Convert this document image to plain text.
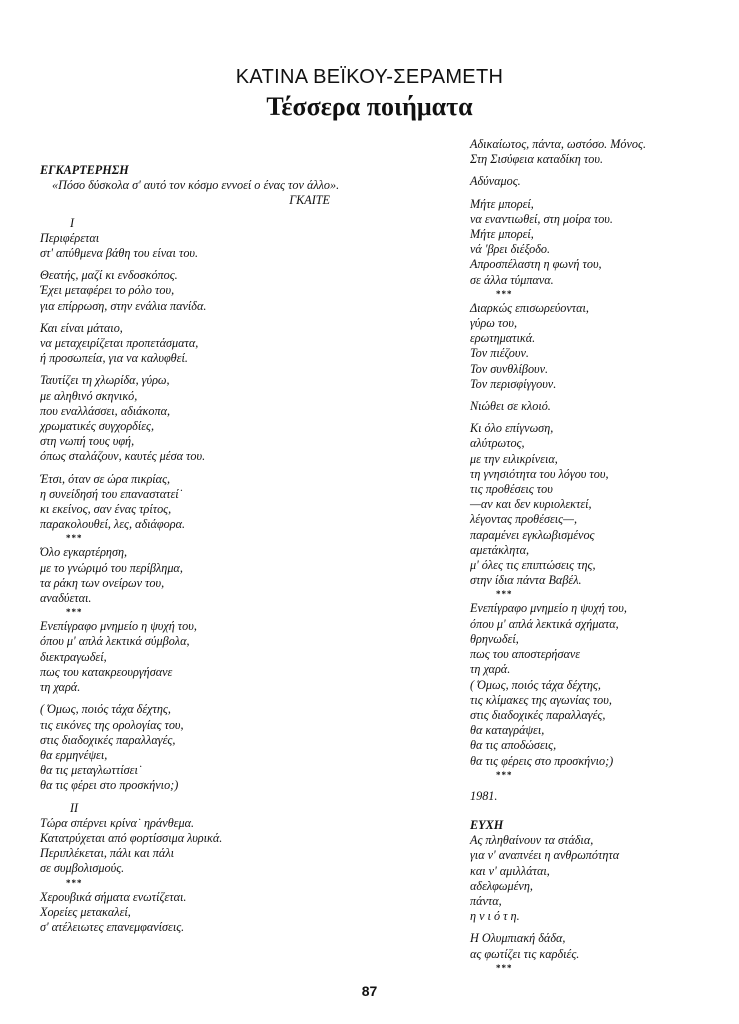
ΚΑΤΙΝΑ ΒΕΪΚΟΥ-ΣΕΡΑΜΕΤΗ
Τέσσερα ποιήματα
ΕΓΚΑΡΤΕΡΗΣΗ
«Πόσο δύσκολα σ' αυτό τον κόσμο εννοεί ο ένας τον άλλο».
ΓΚΑΙΤΕ
Ι
Περιφέρεται
στ' απύθμενα βάθη του είναι του.
Θεατής, μαζί κι ενδοσκόπος.
Έχει μεταφέρει το ρόλο του,
για επίρρωση, στην ενάλια πανίδα.
Και είναι μάταιο,
να μεταχειρίζεται προπετάσματα,
ή προσωπεία, για να καλυφθεί.
Ταυτίζει τη χλωρίδα, γύρω,
με αληθινό σκηνικό,
που εναλλάσσει, αδιάκοπα,
χρωματικές συγχορδίες,
στη νωπή τους υφή,
όπως σταλάζουν, καυτές μέσα του.
Έτσι, όταν σε ώρα πικρίας,
η συνείδησή του επαναστατεί˙
κι εκείνος, σαν ένας τρίτος,
παρακολουθεί, λες, αδιάφορα.
***
Όλο εγκαρτέρηση,
με το γνώριμό του περίβλημα,
τα ράκη των ονείρων του,
αναδύεται.
***
Ενεπίγραφο μνημείο η ψυχή του,
όπου μ' απλά λεκτικά σύμβολα,
διεκτραγωδεί,
πως του κατακρεουργήσανε
τη χαρά.
( Όμως, ποιός τάχα δέχτης,
τις εικόνες της ορολογίας του,
στις διαδοχικές παραλλαγές,
θα ερμηνέψει,
θα τις μεταγλωττίσει˙
θα τις φέρει στο προσκήνιο;)
ΙΙ
Τώρα σπέρνει κρίνα˙ ηράνθεμα.
Κατατρύχεται από φορτίσσιμα λυρικά.
Περιπλέκεται, πάλι και πάλι
σε συμβολισμούς.
***
Χερουβικά σήματα ενωτίζεται.
Χορείες μετακαλεί,
σ' ατέλειωτες επανεμφανίσεις.
Αδικαίωτος, πάντα, ωστόσο. Μόνος.
Στη Σισύφεια καταδίκη του.
Αδύναμος.
Μήτε μπορεί,
να εναντιωθεί, στη μοίρα του.
Μήτε μπορεί,
νά 'βρει διέξοδο.
Απροσπέλαστη η φωνή του,
σε άλλα τύμπανα.
***
Διαρκώς επισωρεύονται,
γύρω του,
ερωτηματικά.
Τον πιέζουν.
Τον συνθλίβουν.
Τον περισφίγγουν.
Νιώθει σε κλοιό.
Κι όλο επίγνωση,
αλύτρωτος,
με την ειλικρίνεια,
τη γνησιότητα του λόγου του,
τις προθέσεις του
—αν και δεν κυριολεκτεί,
λέγοντας προθέσεις—,
παραμένει εγκλωβισμένος
αμετάκλητα,
μ' όλες τις επιπτώσεις της,
στην ίδια πάντα Βαβέλ.
***
Ενεπίγραφο μνημείο η ψυχή του,
όπου μ' απλά λεκτικά σχήματα,
θρηνωδεί,
πως του αποστερήσανε
τη χαρά.
( Όμως, ποιός τάχα δέχτης,
τις κλίμακες της αγωνίας του,
στις διαδοχικές παραλλαγές,
θα καταγράψει,
θα τις αποδώσεις,
θα τις φέρεις στο προσκήνιο;)
***
1981.
ΕΥΧΗ
Ας πληθαίνουν τα στάδια,
για ν' αναπνέει η ανθρωπότητα
και ν' αμιλλάται,
αδελφωμένη,
πάντα,
η ν ι ό τ η.
Η Ολυμπιακή δάδα,
ας φωτίζει τις καρδιές.
***
87
